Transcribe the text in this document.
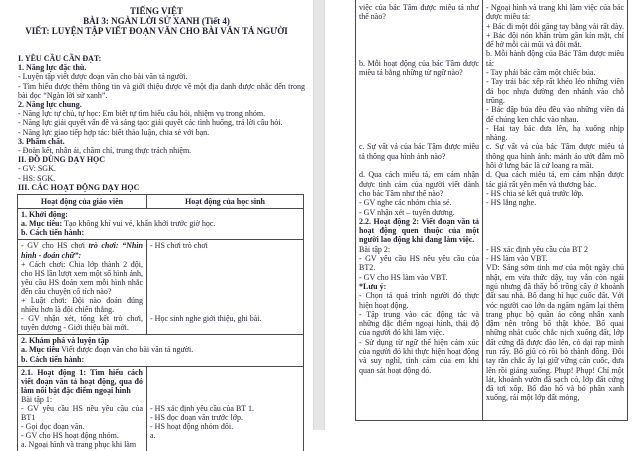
TIẾNG VIỆT
BÀI 3: NGÀN LỜI SỬ XANH (Tiết 4)
VIẾT: LUYỆN TẬP VIẾT ĐOẠN VĂN CHO BÀI VĂN TẢ NGƯỜI
I. YÊU CẦU CẦN ĐẠT:
1. Năng lực đặc thù.
- Luyện tập viết được đoạn văn cho bài văn tả người.
- Tìm hiểu được thêm thông tin và giới thiệu được về một địa danh được nhắc đến trong bài đọc “Ngàn lời sử xanh”.
2. Năng lực chung.
- Năng lực tự chủ, tự học: Em biết tự tìm hiểu câu hỏi, nhiệm vụ trong nhóm.
- Năng lực giải quyết vấn đề và sáng tạo: giải quyết các tình huống, trả lời câu hỏi.
- Năng lực giao tiếp hợp tác: biết thảo luận, chia sẻ với bạn.
3. Phẩm chất.
- Đoàn kết, nhân ái, chăm chỉ, trung thực trách nhiệm.
II. ĐỒ DÙNG DẠY HỌC
- GV: SGK.
- HS: SGK.
III. CÁC HOẠT ĐỘNG DẠY HỌC
Hoạt động của giáo viên	Hoạt động của học sinh
1. Khởi động:
a. Mục tiêu: Tạo không khí vui vẻ, khấn khởi trước giờ học.
b. Cách tiến hành:
- GV cho HS chơi trò chơi: “Nhìn hình - đoán chữ”:
+ Cách chơi: Chia lớp thành 2 đội, cho HS lần lượt xem một số hình ảnh, yêu cầu HS đoán xem mỗi hình nhắc đến câu chuyện cổ tích nào?
+ Luật chơi: Đội nào đoán đúng nhiều hơn là đội chiến thắng.
- GV nhận xét, tổng kết trò chơi, tuyên dương - Giới thiệu bài mới.
- HS chơi trò chơi
- Học sinh nghe giới thiệu, ghi bài.
2. Khám phá và luyện tập
a. Mục tiêu Viết được đoạn văn cho bài văn tả người.
b. Cách tiến hành:
2.1. Hoạt động 1: Tìm hiểu cách viết đoạn văn tả hoạt động, qua đó làm nổi bật đặc điểm ngoại hình
Bài tập 1:
- GV yêu cầu HS nêu yêu cầu của BT1
- Gọi đọc đoạn văn.
- GV cho HS hoạt động nhóm.
a. Ngoại hình và trang phục khi làm
- HS xác định yêu cầu của BT 1.
- HS đọc đoạn văn trước lớp.
- HS hoạt động nhóm đôi.
a.
việc của bác Tâm được miêu tả như thế nào?
b. Mỗi hoạt động của bác Tâm được miêu tả bằng những từ ngữ nào?
c. Sự vất vả của bác Tâm được miêu tả thông qua hình ảnh nào?
d. Qua cách miêu tả, em cảm nhận được tình cảm của người viết dành cho bác Tâm như thế nào?
- GV nghe các nhóm chia sẻ.
- GV nhận xét – tuyên dương.
2.2. Hoạt động 2: Viết đoạn văn tả hoạt động quen thuộc của một người lao động khi đang làm việc.
Bài tập 2:
- GV yêu cầu HS nêu yêu cầu của BT2.
- GV cho HS làm vào VBT.
*Lưu ý:
- Chọn tả quá trình người đó thực hiện hoạt động.
- Tập trung vào các động tác và những đặc điểm ngoại hình, thái độ của người đó khi làm việc.
- Sử dụng từ ngữ thể hiện cảm xúc của người đó khi thực hiện hoạt động và suy nghĩ, tình cảm của em khi quan sát hoạt động đó.
- Ngoại hình và trang khi làm việc của bác được miêu tả:
+ Bác đi một đôi găng tay bằng vải rất dày.
+ Bác đội nón khăn trùm gần kín mặt, chỉ để hở mỗi cái mũi và đôi mắt.
b. Mỗi hành động của Bác Tâm được miêu tả:
- Tay phải bác cầm một chiếc búa.
- Tay trái bác xếp rất khéo léo những viên đá bọc nhựa đường đen nhánh vào chỗ trũng.
- Bác đập búa đều đều vào những viên đá để chúng ken chắc vào nhau.
- Hai tay bác đưa lên, hạ xuống nhịp nhàng.
c. Sự vất vả của bác Tâm được miêu tả thông qua hình ảnh: mảnh áo ướt đẫm mồ hôi ở lưng bác là cứ loang ra mãi.
d. Qua cách miêu tả, em cảm nhận được tác giả rất yên mến và thương bác.
- HS chia sẻ kết quả trước lớp.
- HS lắng nghe.
- HS xác định yêu cầu của BT 2
- HS làm vào VBT.
VD: Sáng sớm tinh mơ của một ngày chủ nhật, em vừa thức dậy, tuy vẫn còn ngái ngủ nhưng đã thấy bố trồng cây ở khoảnh đất sau nhà. Bố đang hì hục cuốc đất. Với vóc người cao lớn da ngăm ngăm lại thêm trang phục bộ quần áo công nhân xanh đậm nên trông bố thật khỏe. Bố quai những nhát cuốc chắc nịch xuống đất, lớp đất cứng đã được đào lên, cỏ dại rạp mình run rẩy. Bố giũ cỏ rồi bỏ thành đống. Đôi tay rắn chắc ấy lại giữ vững cán cuốc, đưa lên rồi giáng xuống. Phụp! Phụp! Chỉ một lát, khoảnh vườn đã sạch cỏ, lớp đất cứng đã tơi xốp. Bố đào hố và bỏ phân xanh xuống, rải một lớp đất mỏng,
